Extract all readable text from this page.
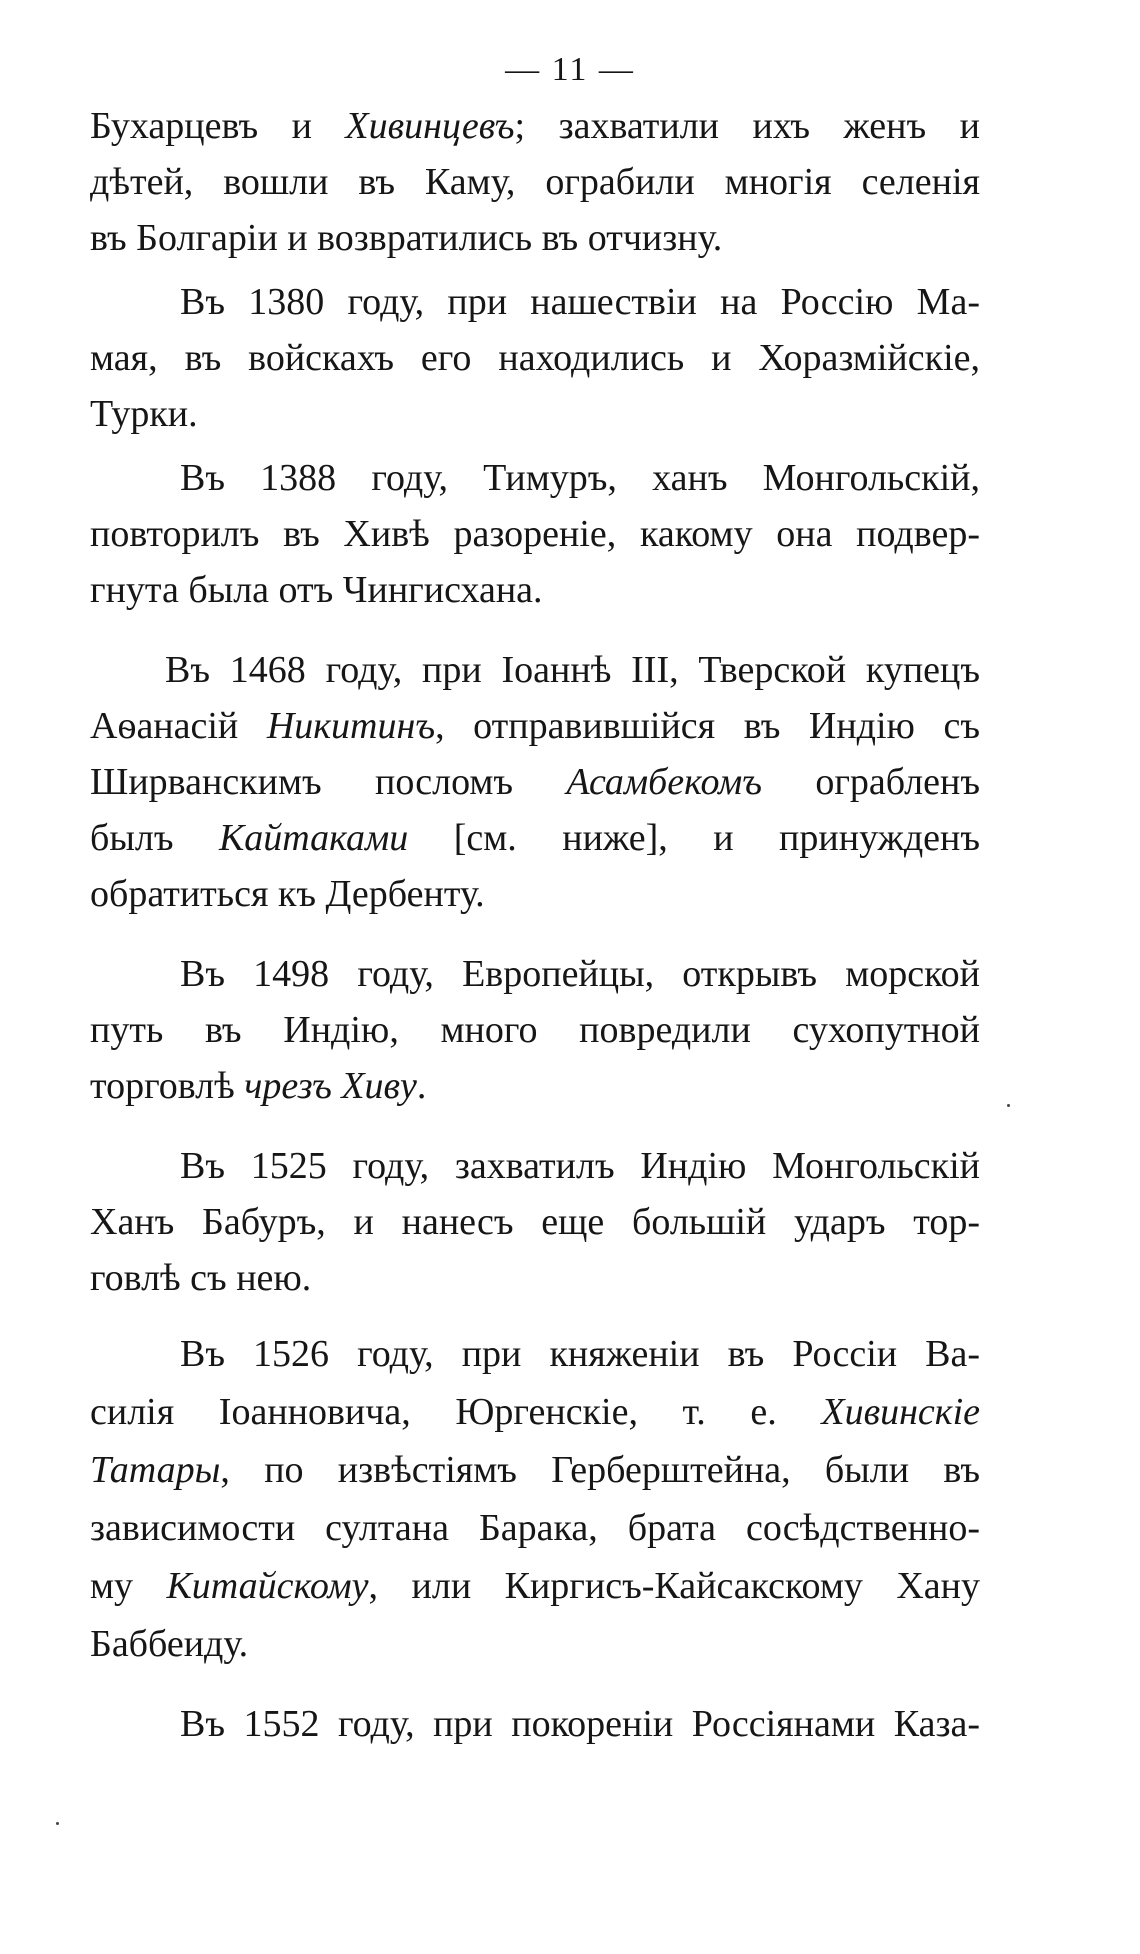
— 11 —
Бухарцевъ и Хивинцевъ; захватили ихъ женъ и
дѣтей, вошли въ Каму, ограбили многія селенія
въ Болгаріи и возвратились въ отчизну.
Въ 1380 году, при нашествіи на Россію Ма-
мая, въ войскахъ его находились и Хоразмійскіе,
Турки.
Въ 1388 году, Тимуръ, ханъ Монгольскій,
повторилъ въ Хивѣ разореніе, какому она подвер-
гнута была отъ Чингисхана.
Въ 1468 году, при Іоаннѣ III, Тверской купецъ
Аѳанасій Никитинъ, отправившійся въ Индію съ
Ширванскимъ посломъ Асамбекомъ ограбленъ
былъ Кайтаками [см. ниже], и принужденъ
обратиться къ Дербенту.
Въ 1498 году, Европейцы, открывъ морской
путь въ Индію, много повредили сухопутной
торговлѣ чрезъ Хиву.
Въ 1525 году, захватилъ Индію Монгольскій
Ханъ Бабуръ, и нанесъ еще большій ударъ тор-
говлѣ съ нею.
Въ 1526 году, при княженіи въ Россіи Ва-
силія Іоанновича, Юргенскіе, т. е. Хивинскіе
Татары, по извѣстіямъ Герберштейна, были въ
зависимости султана Барака, брата сосѣдственно-
му Китайскому, или Киргисъ-Кайсакскому Хану
Баббеиду.
Въ 1552 году, при покореніи Россіянами Каза-
